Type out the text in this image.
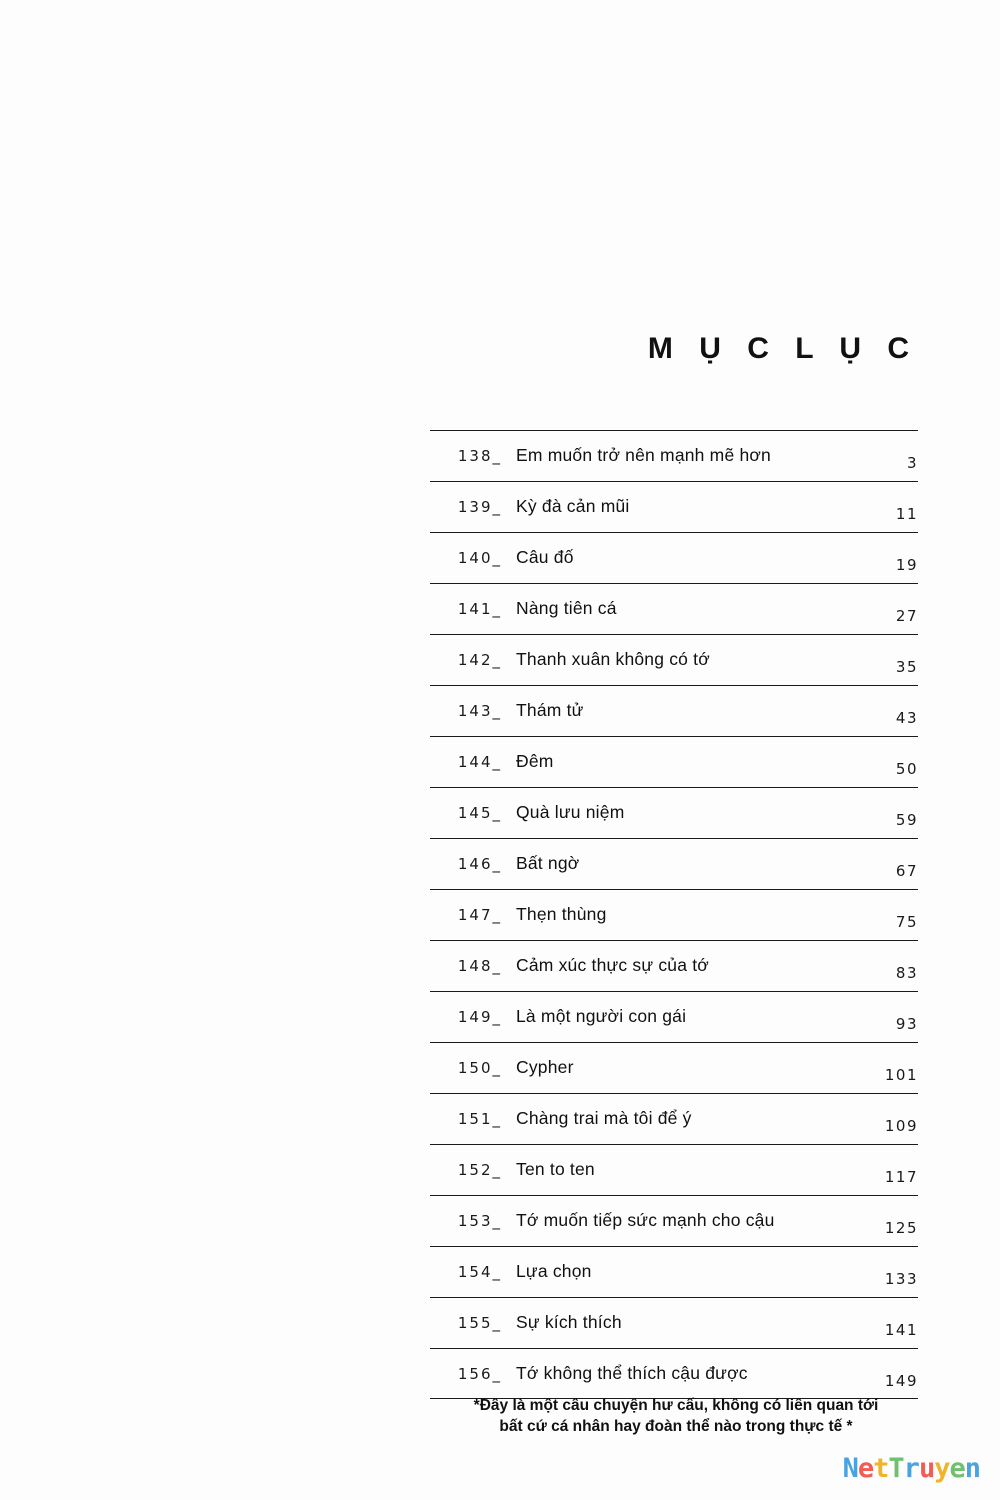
M Ụ C L Ụ C
138_ Em muốn trở nên mạnh mẽ hơn	3
139_ Kỳ đà cản mũi	11
140_ Câu đố	19
141_ Nàng tiên cá	27
142_ Thanh xuân không có tớ	35
143_ Thám tử	43
144_ Đêm	50
145_ Quà lưu niệm	59
146_ Bất ngờ	67
147_ Thẹn thùng	75
148_ Cảm xúc thực sự của tớ	83
149_ Là một người con gái	93
150_ Cypher	101
151_ Chàng trai mà tôi để ý	109
152_ Ten to ten	117
153_ Tớ muốn tiếp sức mạnh cho cậu	125
154_ Lựa chọn	133
155_ Sự kích thích	141
156_ Tớ không thể thích cậu được	149
*Đây là một câu chuyện hư cấu, không có liên quan tới
bất cứ cá nhân hay đoàn thể nào trong thực tế *
NetTruyen
